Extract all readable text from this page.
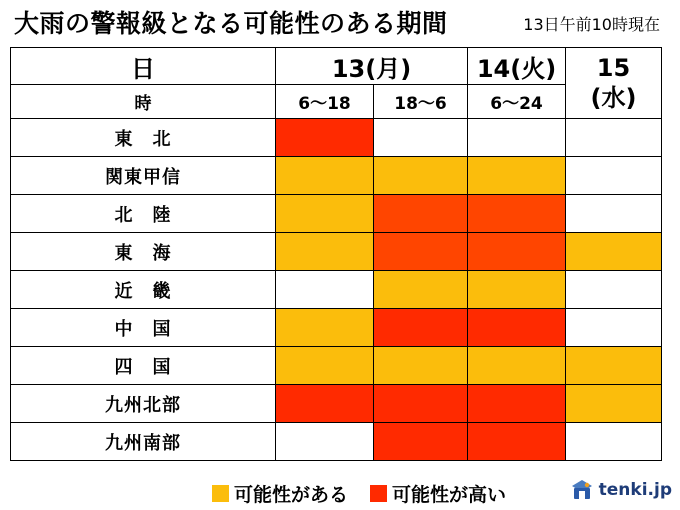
大雨の警報級となる可能性のある期間	13日午前10時現在
日	13(月)		14(火)	15
(水)

時	6～18	18～6	6～24	
東　北				
関東甲信				
北　陸				
東　海				
近　畿				
中　国				
四　国				
九州北部				
九州南部				
可能性がある 可能性が高い	tenki.jp
